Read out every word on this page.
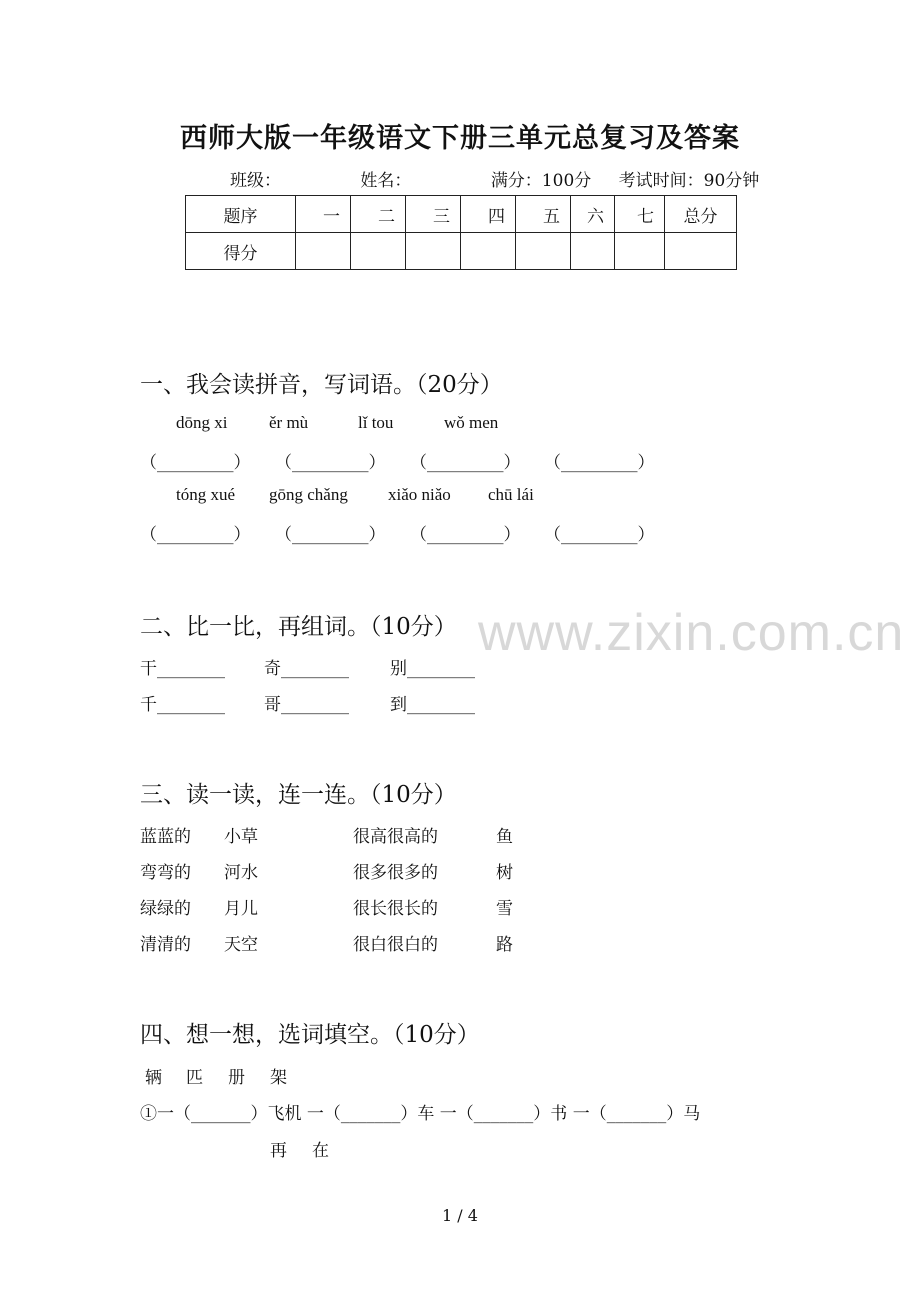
西师大版一年级语文下册三单元总复习及答案
班级：	姓名：	满分：100分 考试时间：90分钟
题序	一	二	三	四	五	六	七	总分
得分								
一、我会读拼音，写词语。（20分）
dōng xi ěr mù	lǐ tou	wǒ men
（_________） （_________） （_________） （_________）
tóng xué gōng chǎng xiǎo niǎo chū lái
（_________） （_________） （_________） （_________）
www.zixin.com.cn
二、比一比，再组词。（10分）
干________ 奇________ 别________
千________ 哥________ 到________
三、读一读，连一连。（10分）
蓝蓝的 小草	很高很高的	鱼
弯弯的 河水	很多很多的	树
绿绿的 月儿	很长很长的	雪
清清的 天空	很白很白的	路
四、想一想，选词填空。（10分）
辆 匹 册 架
①一（_______）飞机 一（_______）车 一（_______）书 一（_______）马
再 在
1 / 4
